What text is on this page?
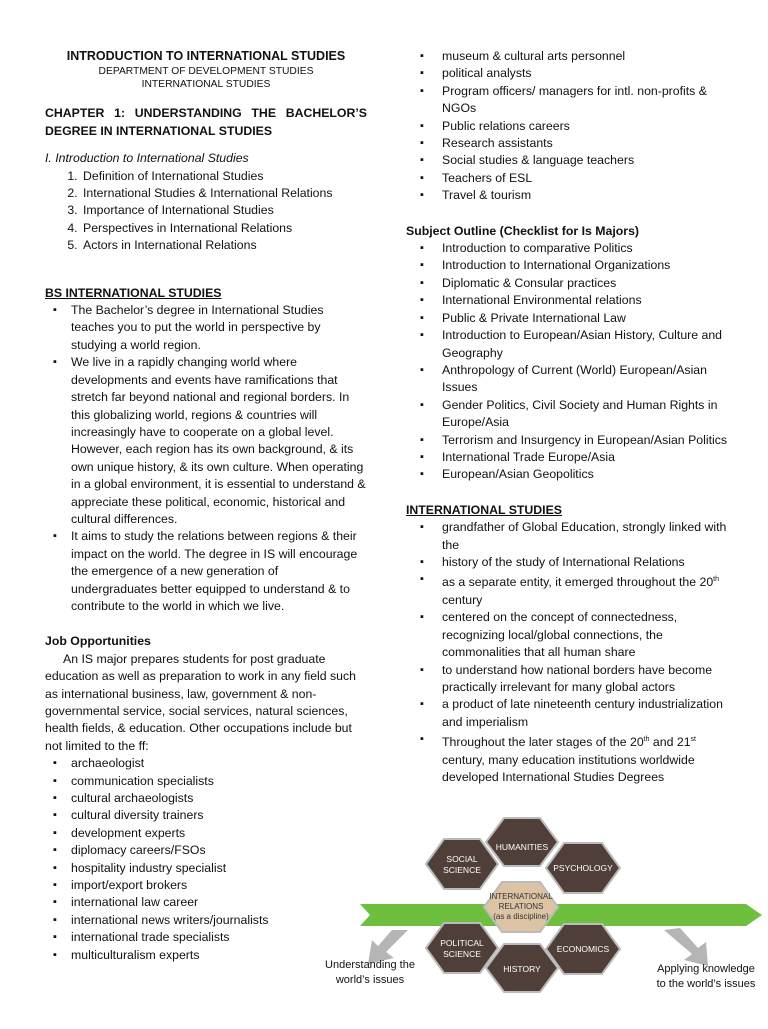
INTRODUCTION TO INTERNATIONAL STUDIES
DEPARTMENT OF DEVELOPMENT STUDIES
INTERNATIONAL STUDIES
CHAPTER 1: UNDERSTANDING THE BACHELOR’S DEGREE IN INTERNATIONAL STUDIES
I. Introduction to International Studies
1. Definition of International Studies
2. International Studies & International Relations
3. Importance of International Studies
4. Perspectives in International Relations
5. Actors in International Relations
BS INTERNATIONAL STUDIES
▪ The Bachelor’s degree in International Studies teaches you to put the world in perspective by studying a world region.
▪ We live in a rapidly changing world where developments and events have ramifications that stretch far beyond national and regional borders. In this globalizing world, regions & countries will increasingly have to cooperate on a global level. However, each region has its own background, & its own unique history, & its own culture. When operating in a global environment, it is essential to understand & appreciate these political, economic, historical and cultural differences.
▪ It aims to study the relations between regions & their impact on the world. The degree in IS will encourage the emergence of a new generation of undergraduates better equipped to understand & to contribute to the world in which we live.
Job Opportunities
An IS major prepares students for post graduate education as well as preparation to work in any field such as international business, law, government & non-governmental service, social services, natural sciences, health fields, & education. Other occupations include but not limited to the ff:
▪ archaeologist
▪ communication specialists
▪ cultural archaeologists
▪ cultural diversity trainers
▪ development experts
▪ diplomacy careers/FSOs
▪ hospitality industry specialist
▪ import/export brokers
▪ international law career
▪ international news writers/journalists
▪ international trade specialists
▪ multiculturalism experts
▪ museum & cultural arts personnel
▪ political analysts
▪ Program officers/ managers for intl. non-profits & NGOs
▪ Public relations careers
▪ Research assistants
▪ Social studies & language teachers
▪ Teachers of ESL
▪ Travel & tourism
Subject Outline (Checklist for Is Majors)
▪ Introduction to comparative Politics
▪ Introduction to International Organizations
▪ Diplomatic & Consular practices
▪ International Environmental relations
▪ Public & Private International Law
▪ Introduction to European/Asian History, Culture and Geography
▪ Anthropology of Current (World) European/Asian Issues
▪ Gender Politics, Civil Society and Human Rights in Europe/Asia
▪ Terrorism and Insurgency in European/Asian Politics
▪ International Trade Europe/Asia
▪ European/Asian Geopolitics
INTERNATIONAL STUDIES
▪ grandfather of Global Education, strongly linked with the
▪ history of the study of International Relations
▪ as a separate entity, it emerged throughout the 20th century
▪ centered on the concept of connectedness, recognizing local/global connections, the commonalities that all human share
▪ to understand how national borders have become practically irrelevant for many global actors
▪ a product of late nineteenth century industrialization and imperialism
▪ Throughout the later stages of the 20th and 21st century, many education institutions worldwide developed International Studies Degrees
HUMANITIES
SOCIAL
SCIENCE	PSYCHOLOGY
INTERNATIONAL
RELATIONS
(as a discipline)
POLITICAL
SCIENCE	ECONOMICS
HISTORY
Understanding the world’s issues
Applying knowledge to the world’s issues
